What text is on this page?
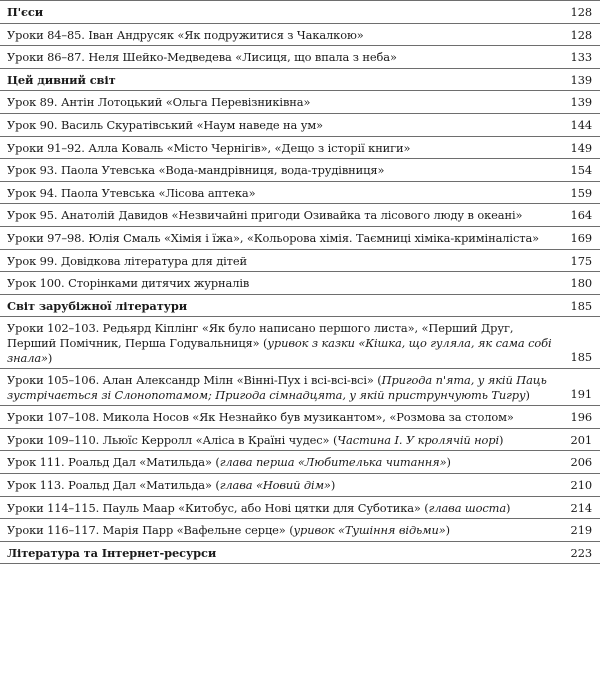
П'єси	128
Уроки 84–85. Іван Андрусяк «Як подружитися з Чакалкою»	128
Уроки 86–87. Неля Шейко-Медведева «Лисиця, що впала з неба»	133
Цей дивний світ	139
Урок 89. Антін Лотоцький «Ольга Перевізниківна»	139
Урок 90. Василь Скуратівський «Наум наведе на ум»	144
Уроки 91–92. Алла Коваль «Місто Чернігів», «Дещо з історії книги»	149
Урок 93. Паола Утевська «Вода-мандрівниця, вода-трудівниця»	154
Урок 94. Паола Утевська «Лісова аптека»	159
Урок 95. Анатолій Давидов «Незвичайні пригоди Озивайка та лісового люду в океані»	164
Уроки 97–98. Юлія Смаль «Хімія і їжа», «Кольорова хімія. Таємниці хіміка-криміналіста»	169
Урок 99. Довідкова література для дітей	175
Урок 100. Сторінками дитячих журналів	180
Світ зарубіжної літератури	185
Уроки 102–103. Редьярд Кіплінг «Як було написано першого листа», «Перший Друг, Перший Помічник, Перша Годувальниця» (уривок з казки «Кішка, що гуляла, як сама собі знала»)	185
Уроки 105–106. Алан Александр Мілн «Вінні-Пух і всі-всі-всі» (Пригода п'ята, у якій Паць зустрічається зі Слонопотамом; Пригода сімнадцята, у якій приструнчують Тигру)	191
Уроки 107–108. Микола Носов «Як Незнайко був музикантом», «Розмова за столом»	196
Уроки 109–110. Льюїс Керролл «Аліса в Країні чудес» (Частина І. У кролячій норі)	201
Урок 111. Роальд Дал «Матильда» (глава перша «Любителька читання»)	206
Урок 113. Роальд Дал «Матильда» (глава «Новий дім»)	210
Уроки 114–115. Пауль Маар «Китобус, або Нові цятки для Суботика» (глава шоста)	214
Уроки 116–117. Марія Парр «Вафельне серце» (уривок «Тушіння відьми»)	219
Література та Інтернет-ресурси	223
